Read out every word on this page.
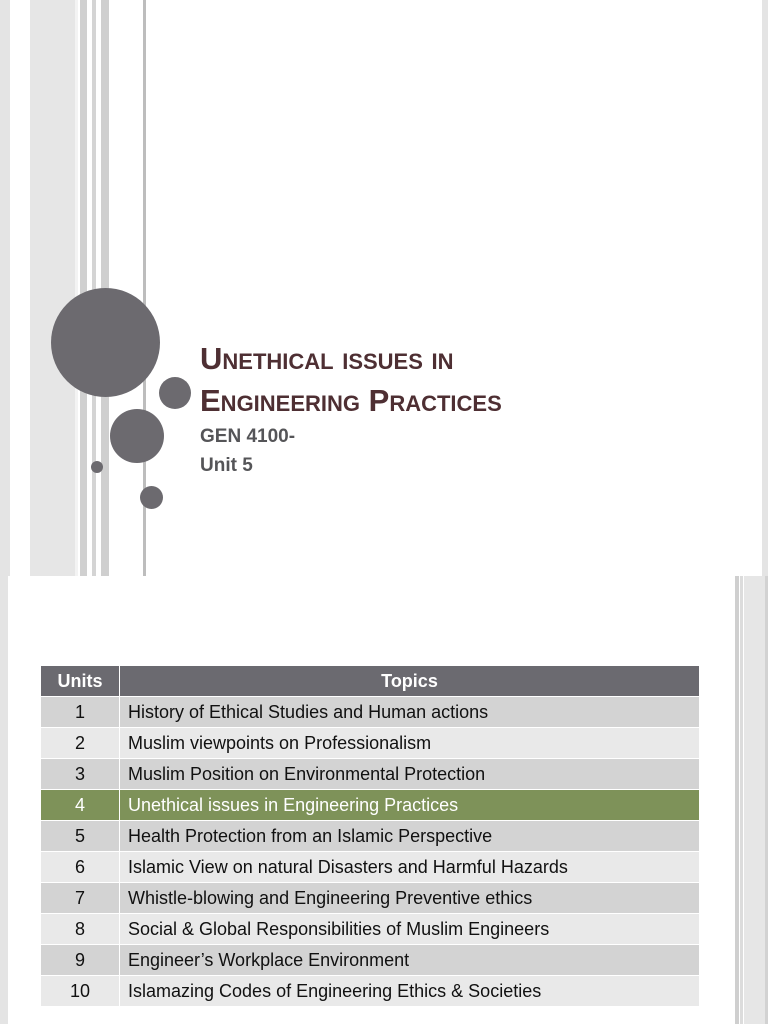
Unethical issues in
Engineering Practices
GEN 4100-
Unit 5
Units	Topics
1	History of Ethical Studies and Human actions
2	Muslim viewpoints on Professionalism
3	Muslim Position on Environmental Protection
4	Unethical issues in Engineering Practices
5	Health Protection from an Islamic Perspective
6	Islamic View on natural Disasters and Harmful Hazards
7	Whistle-blowing and Engineering Preventive ethics
8	Social & Global Responsibilities of Muslim Engineers
9	Engineer’s Workplace Environment
10	Islamazing Codes of Engineering Ethics & Societies
